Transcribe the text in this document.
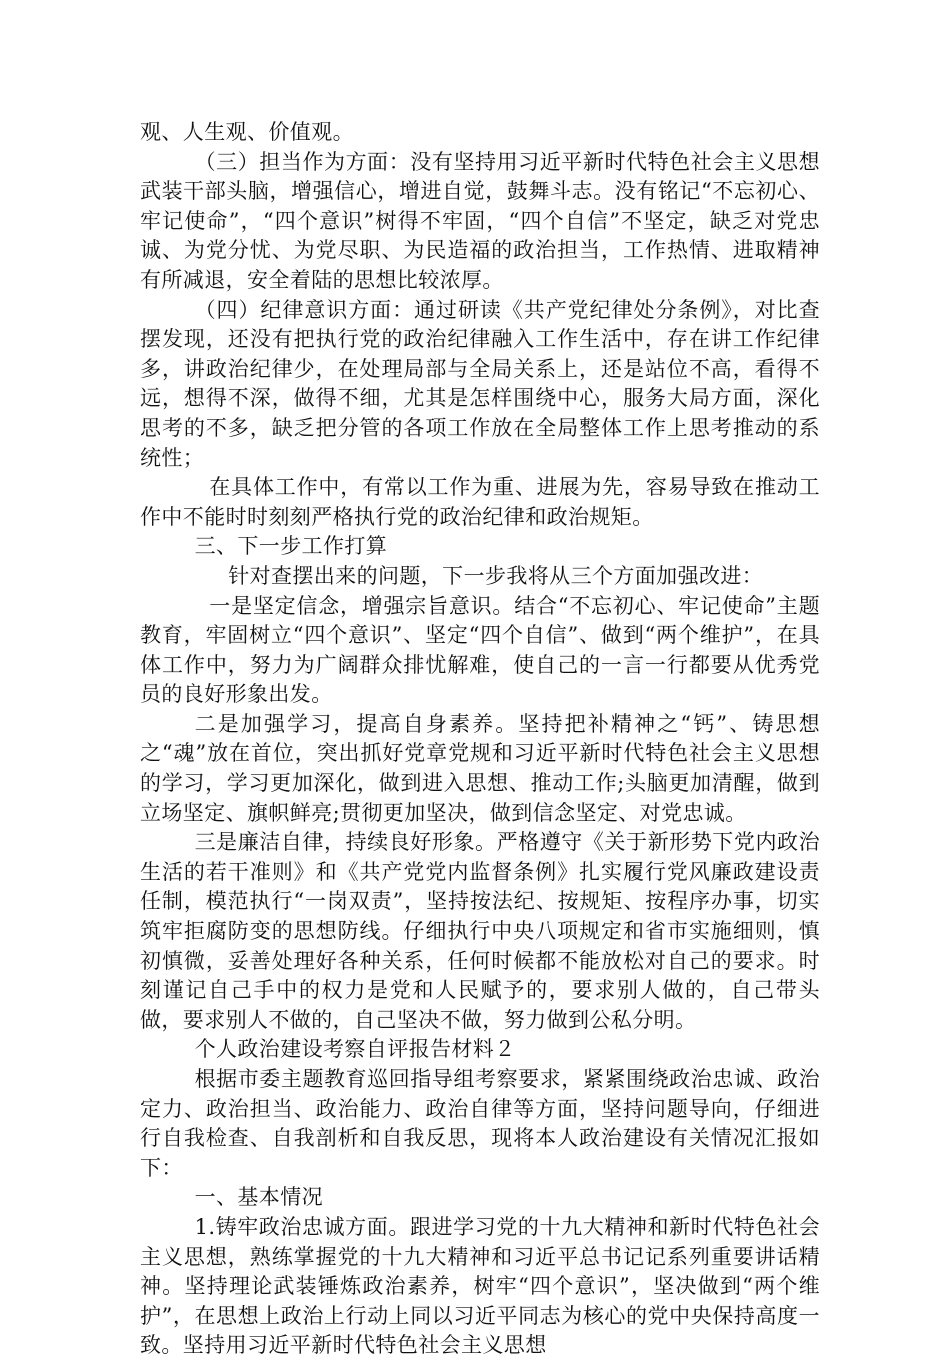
观、人生观、价值观。

（三）担当作为方面：没有坚持用习近平新时代特色社会主义思想武装干部头脑，增强信心，增进自觉，鼓舞斗志。没有铭记“不忘初心、牢记使命”，“四个意识”树得不牢固，“四个自信”不坚定，缺乏对党忠诚、为党分忧、为党尽职、为民造福的政治担当，工作热情、进取精神有所减退，安全着陆的思想比较浓厚。

（四）纪律意识方面：通过研读《共产党纪律处分条例》，对比查摆发现，还没有把执行党的政治纪律融入工作生活中，存在讲工作纪律多，讲政治纪律少，在处理局部与全局关系上，还是站位不高，看得不远，想得不深，做得不细，尤其是怎样围绕中心，服务大局方面，深化思考的不多，缺乏把分管的各项工作放在全局整体工作上思考推动的系统性；

在具体工作中，有常以工作为重、进展为先，容易导致在推动工作中不能时时刻刻严格执行党的政治纪律和政治规矩。

三、下一步工作打算

针对查摆出来的问题，下一步我将从三个方面加强改进：

一是坚定信念，增强宗旨意识。结合“不忘初心、牢记使命”主题教育，牢固树立“四个意识”、坚定“四个自信”、做到“两个维护”，在具体工作中，努力为广阔群众排忧解难，使自己的一言一行都要从优秀党员的良好形象出发。

二是加强学习，提高自身素养。坚持把补精神之“钙”、铸思想之“魂”放在首位，突出抓好党章党规和习近平新时代特色社会主义思想的学习，学习更加深化，做到进入思想、推动工作;头脑更加清醒，做到立场坚定、旗帜鲜亮;贯彻更加坚决，做到信念坚定、对党忠诚。

三是廉洁自律，持续良好形象。严格遵守《关于新形势下党内政治生活的若干准则》和《共产党党内监督条例》扎实履行党风廉政建设责任制，模范执行“一岗双责”，坚持按法纪、按规矩、按程序办事，切实筑牢拒腐防变的思想防线。仔细执行中央八项规定和省市实施细则，慎初慎微，妥善处理好各种关系，任何时候都不能放松对自己的要求。时刻谨记自己手中的权力是党和人民赋予的，要求别人做的，自己带头做，要求别人不做的，自己坚决不做，努力做到公私分明。

个人政治建设考察自评报告材料２

根据市委主题教育巡回指导组考察要求，紧紧围绕政治忠诚、政治定力、政治担当、政治能力、政治自律等方面，坚持问题导向，仔细进行自我检查、自我剖析和自我反思，现将本人政治建设有关情况汇报如下：

一、基本情况

1.铸牢政治忠诚方面。跟进学习党的十九大精神和新时代特色社会主义思想，熟练掌握党的十九大精神和习近平总书记记系列重要讲话精神。坚持理论武装锤炼政治素养，树牢“四个意识”，坚决做到“两个维护”，在思想上政治上行动上同以习近平同志为核心的党中央保持高度一致。坚持用习近平新时代特色社会主义思想
